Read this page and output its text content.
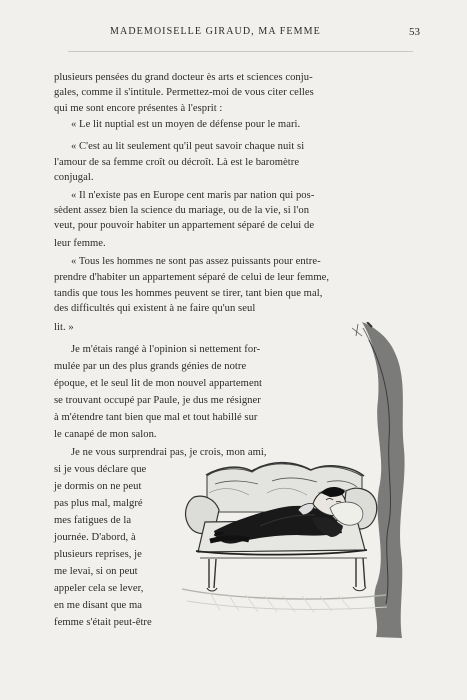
MADEMOISELLE GIRAUD, MA FEMME	53
plusieurs pensées du grand docteur ès arts et sciences conju-
gales, comme il s'intitule. Permettez-moi de vous citer celles
qui me sont encore présentes à l'esprit :
« Le lit nuptial est un moyen de défense pour le mari.
« C'est au lit seulement qu'il peut savoir chaque nuit si
l'amour de sa femme croît ou décroît. Là est le baromètre
conjugal.
« Il n'existe pas en Europe cent maris par nation qui pos-
sèdent assez bien la science du mariage, ou de la vie, si l'on
veut, pour pouvoir habiter un appartement séparé de celui de
leur femme.
« Tous les hommes ne sont pas assez puissants pour entre-
prendre d'habiter un appartement séparé de celui de leur femme,
tandis que tous les hommes peuvent se tirer, tant bien que mal,
des difficultés qui existent à ne faire qu'un seul
lit. »
Je m'étais rangé à l'opinion si nettement for-
mulée par un des plus grands génies de notre
époque, et le seul lit de mon nouvel appartement
se trouvant occupé par Paule, je dus me résigner
à m'étendre tant bien que mal et tout habillé sur
le canapé de mon salon.
Je ne vous surprendrai pas, je crois, mon ami,
si je vous déclare que
je dormis on ne peut
pas plus mal, malgré
mes fatigues de la
journée. D'abord, à
plusieurs reprises, je
me levai, si on peut
appeler cela se lever,
en me disant que ma
femme s'était peut-être
